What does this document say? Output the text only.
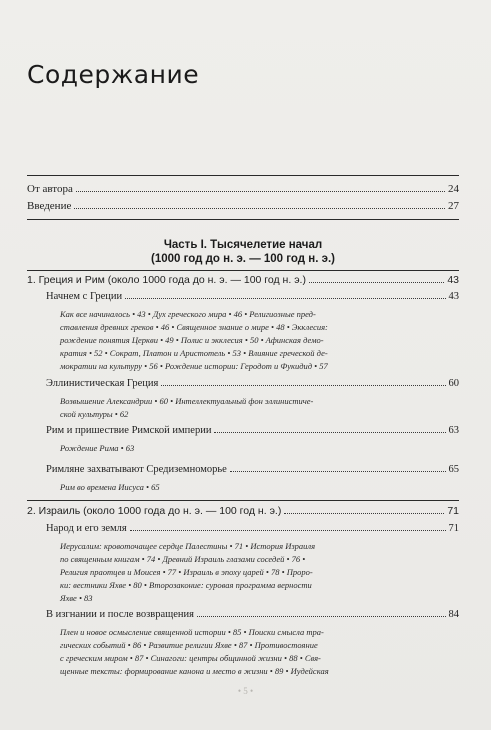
Содержание
От автора	24
Введение	27
Часть I. Тысячелетие начал
(1000 год до н. э. — 100 год н. э.)
1. Греция и Рим (около 1000 года до н. э. — 100 год н. э.)	43
Начнем с Греции	43
Как все начиналось • 43 • Дух греческого мира • 46 • Религиозные пред-
ставления древних греков • 46 • Священное знание о мире • 48 • Экклесия:
рождение понятия Церкви • 49 • Полис и экклесия • 50 • Афинская демо-
кратия • 52 • Сократ, Платон и Аристотель • 53 • Влияние греческой де-
мократии на культуру • 56 • Рождение истории: Геродот и Фукидид • 57
Эллинистическая Греция	60
Возвышение Александрии • 60 • Интеллектуальный фон эллинистиче-
ской культуры • 62
Рим и пришествие Римской империи	63
Рождение Рима • 63
Римляне захватывают Средиземноморье	65
Рим во времена Иисуса • 65
2. Израиль (около 1000 года до н. э. — 100 год н. э.)	71
Народ и его земля	71
Иерусалим: кровоточащее сердце Палестины • 71 • История Израиля
по священным книгам • 74 • Древний Израиль глазами соседей • 76 •
Религия праотцев и Моисея • 77 • Израиль в эпоху царей • 78 • Проро-
ки: вестники Яхве • 80 • Второзаконие: суровая программа верности
Яхве • 83
В изгнании и после возвращения	84
Плен и новое осмысление священной истории • 85 • Поиски смысла тра-
гических событий • 86 • Развитие религии Яхве • 87 • Противостояние
с греческим миром • 87 • Синагоги: центры общинной жизни • 88 • Свя-
щенные тексты: формирование канона и место в жизни • 89 • Иудейская
• 5 •
